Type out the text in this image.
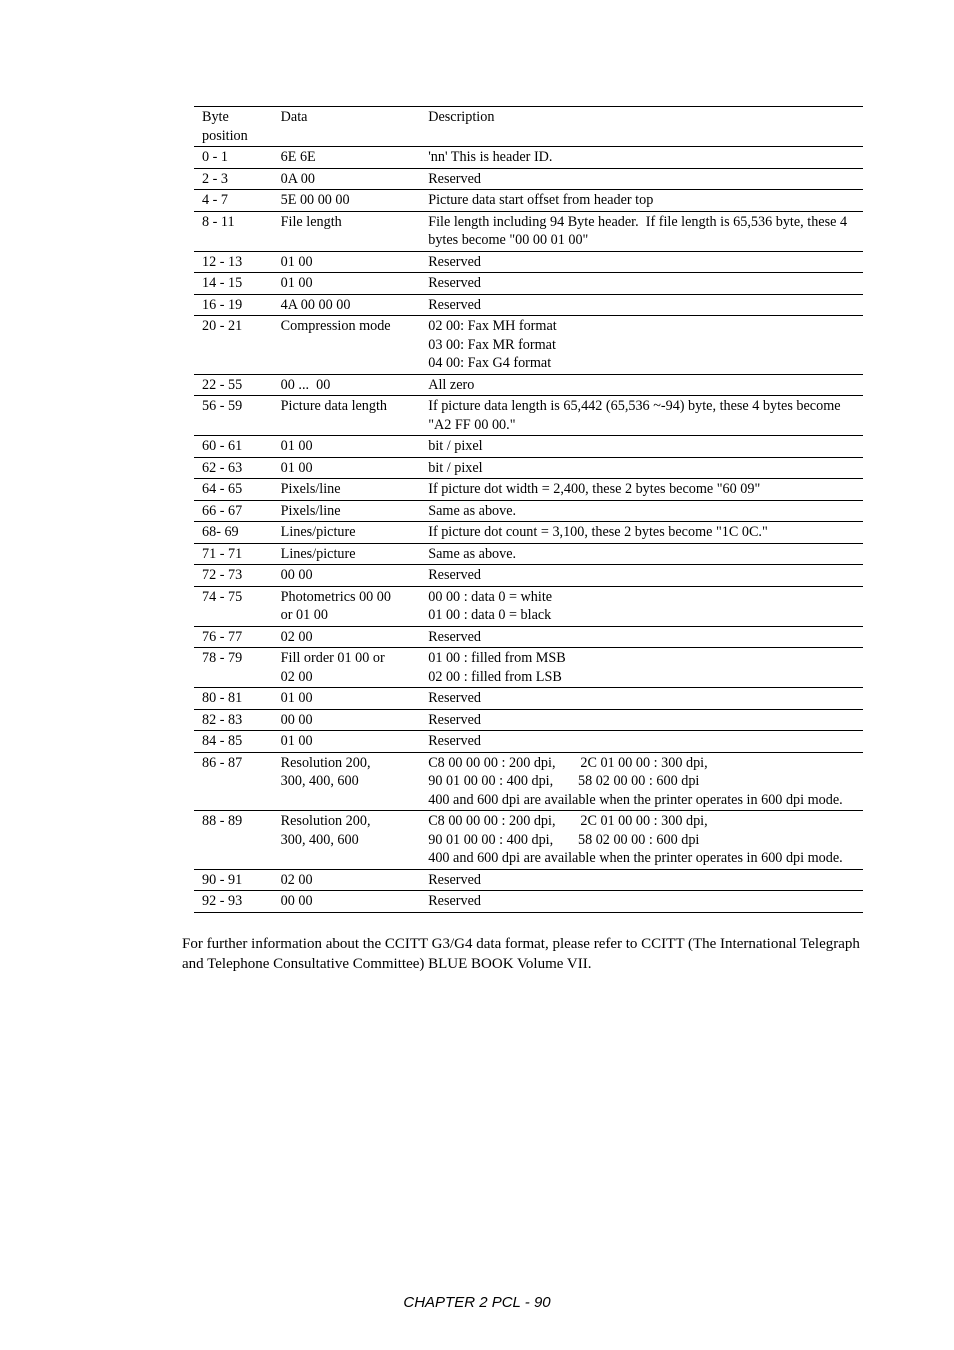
Byte position	Data	Description
0 - 1	6E 6E	'nn' This is header ID.

2 - 3	0A 00	Reserved

4 - 7	5E 00 00 00	Picture data start offset from header top

8 - 11	File length	File length including 94 Byte header.  If file length is 65,536 byte, these 4 bytes become "00 00 01 00"

12 - 13	01 00	Reserved

14 - 15	01 00	Reserved

16 - 19	4A 00 00 00	Reserved

20 - 21	Compression mode	02 00: Fax MH format
03 00: Fax MR format
04 00: Fax G4 format

22 - 55	00 ...  00	All zero

56 - 59	Picture data length	If picture data length is 65,442 (65,536 ~-94) byte, these 4 bytes become "A2 FF 00 00."

60 - 61	01 00	bit / pixel

62 - 63	01 00	bit / pixel

64 - 65	Pixels/line	If picture dot width = 2,400, these 2 bytes become "60 09"

66 - 67	Pixels/line	Same as above.

68- 69	Lines/picture	If picture dot count = 3,100, these 2 bytes become "1C 0C."

71 - 71	Lines/picture	Same as above.

72 - 73	00 00	Reserved

74 - 75	Photometrics 00 00
or 01 00	00 00 : data 0 = white
01 00 : data 0 = black

76 - 77	02 00	Reserved

78 - 79	Fill order 01 00 or
02 00	01 00 : filled from MSB
02 00 : filled from LSB

80 - 81	01 00	Reserved

82 - 83	00 00	Reserved

84 - 85	01 00	Reserved

86 - 87	Resolution 200,
300, 400, 600	C8 00 00 00 : 200 dpi,       2C 01 00 00 : 300 dpi,
90 01 00 00 : 400 dpi,       58 02 00 00 : 600 dpi
400 and 600 dpi are available when the printer operates in 600 dpi mode.

88 - 89	Resolution 200,
300, 400, 600	C8 00 00 00 : 200 dpi,       2C 01 00 00 : 300 dpi,
90 01 00 00 : 400 dpi,       58 02 00 00 : 600 dpi
400 and 600 dpi are available when the printer operates in 600 dpi mode.

90 - 91	02 00	Reserved

92 - 93	00 00	Reserved
For further information about the CCITT G3/G4 data format, please refer to CCITT (The International Telegraph and Telephone Consultative Committee) BLUE BOOK Volume VII.
CHAPTER 2 PCL - 90
